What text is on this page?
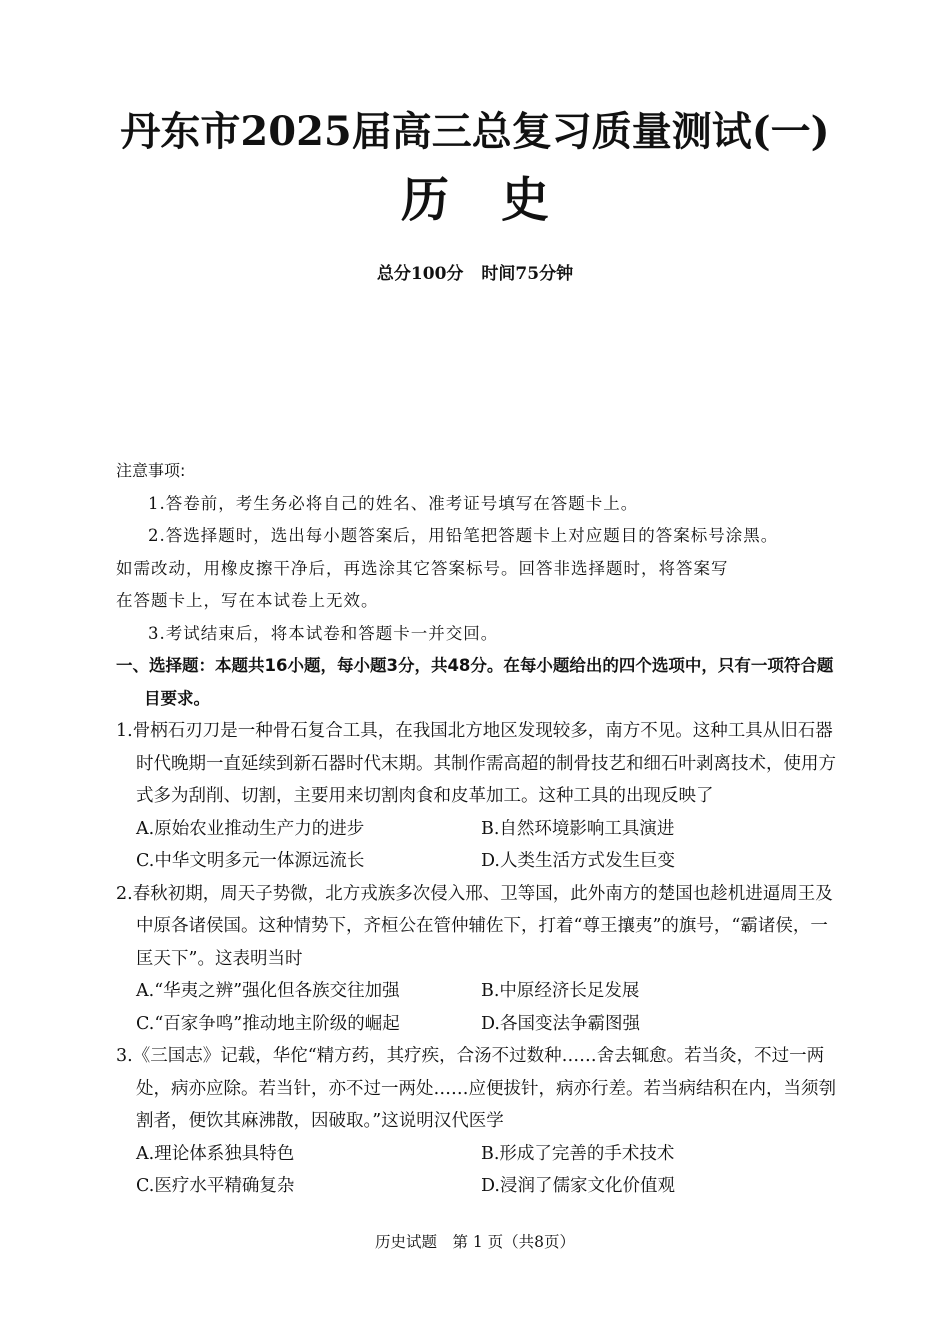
丹东市2025届高三总复习质量测试(一)
历史
总分100分 时间75分钟
注意事项:
1.答卷前，考生务必将自己的姓名、准考证号填写在答题卡上。
2.答选择题时，选出每小题答案后，用铅笔把答题卡上对应题目的答案标号涂黑。
如需改动，用橡皮擦干净后，再选涂其它答案标号。回答非选择题时，将答案写
在答题卡上，写在本试卷上无效。
3.考试结束后，将本试卷和答题卡一并交回。
一、选择题：本题共16小题，每小题3分，共48分。在每小题给出的四个选项中，只有一项符合题目要求。
1.骨柄石刃刀是一种骨石复合工具，在我国北方地区发现较多，南方不见。这种工具从旧石器时代晚期一直延续到新石器时代末期。其制作需高超的制骨技艺和细石叶剥离技术，使用方式多为刮削、切割，主要用来切割肉食和皮革加工。这种工具的出现反映了
A.原始农业推动生产力的进步	B.自然环境影响工具演进
C.中华文明多元一体源远流长	D.人类生活方式发生巨变
2.春秋初期，周天子势微，北方戎族多次侵入邢、卫等国，此外南方的楚国也趁机进逼周王及中原各诸侯国。这种情势下，齐桓公在管仲辅佐下，打着“尊王攘夷”的旗号，“霸诸侯，一匡天下”。这表明当时
A.“华夷之辨”强化但各族交往加强	B.中原经济长足发展
C.“百家争鸣”推动地主阶级的崛起	D.各国变法争霸图强
3.《三国志》记载，华佗“精方药，其疗疾，合汤不过数种……舍去辄愈。若当灸，不过一两处，病亦应除。若当针，亦不过一两处……应便拔针，病亦行差。若当病结积在内，当须刳割者，便饮其麻沸散，因破取。”这说明汉代医学
A.理论体系独具特色	B.形成了完善的手术技术
C.医疗水平精确复杂	D.浸润了儒家文化价值观
历史试题　第 1 页（共8页）
